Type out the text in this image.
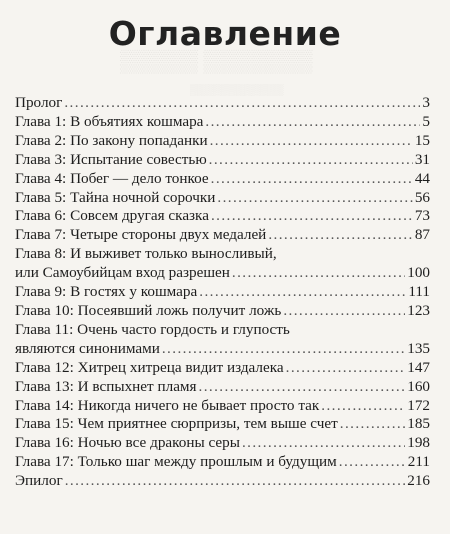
▒▒▒▒▒ ▒▒▒▒▒▒▒
▒▒▒▒▒▒▒▒▒▒▒▒
Оглавление
Пролог . . .	3
Глава 1: В объятиях кошмара . . .	5
Глава 2: По закону попаданки . . .	15
Глава 3: Испытание совестью . . .	31
Глава 4: Побег — дело тонкое . . .	44
Глава 5: Тайна ночной сорочки . . .	56
Глава 6: Совсем другая сказка . . .	73
Глава 7: Четыре стороны двух медалей . . .	87
Глава 8: И выживет только выносливый,
или Самоубийцам вход разрешен . . .	100
Глава 9: В гостях у кошмара . . .	111
Глава 10: Посеявший ложь получит ложь . . .	123
Глава 11: Очень часто гордость и глупость
являются синонимами . . .	135
Глава 12: Хитрец хитреца видит издалека . . .	147
Глава 13: И вспыхнет пламя . . .	160
Глава 14: Никогда ничего не бывает просто так . . .	172
Глава 15: Чем приятнее сюрпризы, тем выше счет . . .	185
Глава 16: Ночью все драконы серы . . .	198
Глава 17: Только шаг между прошлым и будущим . . .	211
Эпилог . . .	216
